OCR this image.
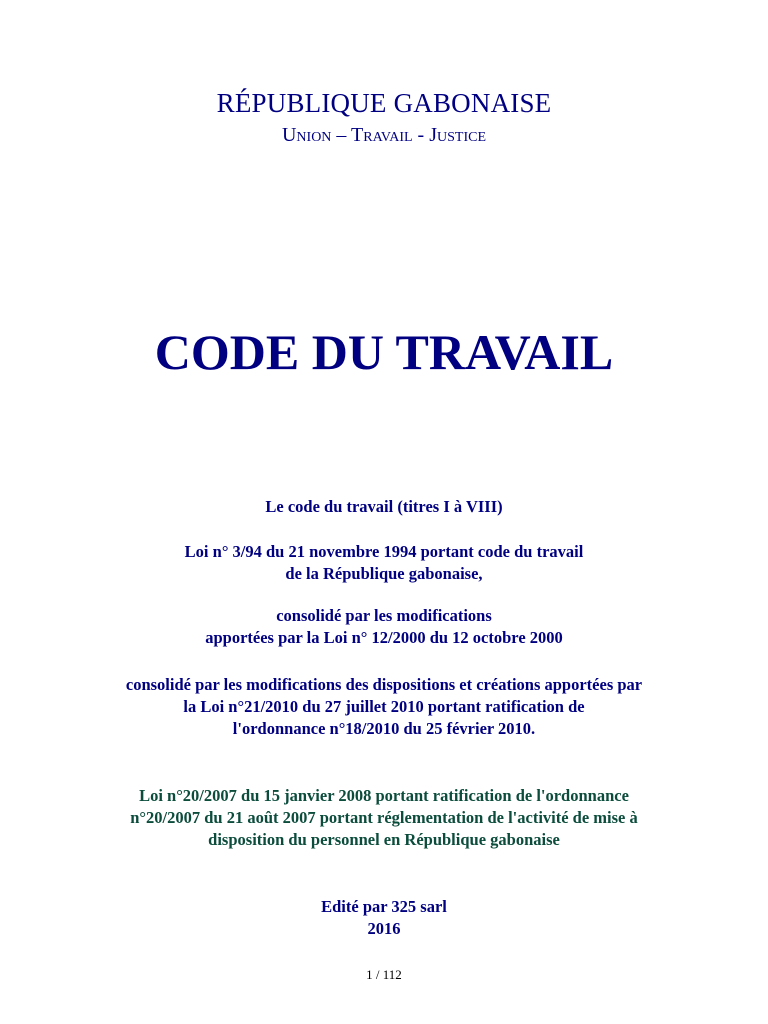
RÉPUBLIQUE GABONAISE
Union – Travail - Justice
CODE DU TRAVAIL
Le code du travail (titres I à VIII)
Loi n° 3/94 du 21 novembre 1994 portant code du travail
de la République gabonaise,
consolidé par les modifications
apportées par la Loi n° 12/2000 du 12 octobre 2000
consolidé par les modifications des dispositions et créations apportées par
la Loi n°21/2010 du 27 juillet 2010 portant ratification de
l'ordonnance n°18/2010 du 25 février 2010.
Loi n°20/2007 du 15 janvier 2008 portant ratification de l'ordonnance
n°20/2007 du 21 août 2007 portant réglementation de l'activité de mise à
disposition du personnel en République gabonaise
Edité par 325 sarl
2016
1 / 112
